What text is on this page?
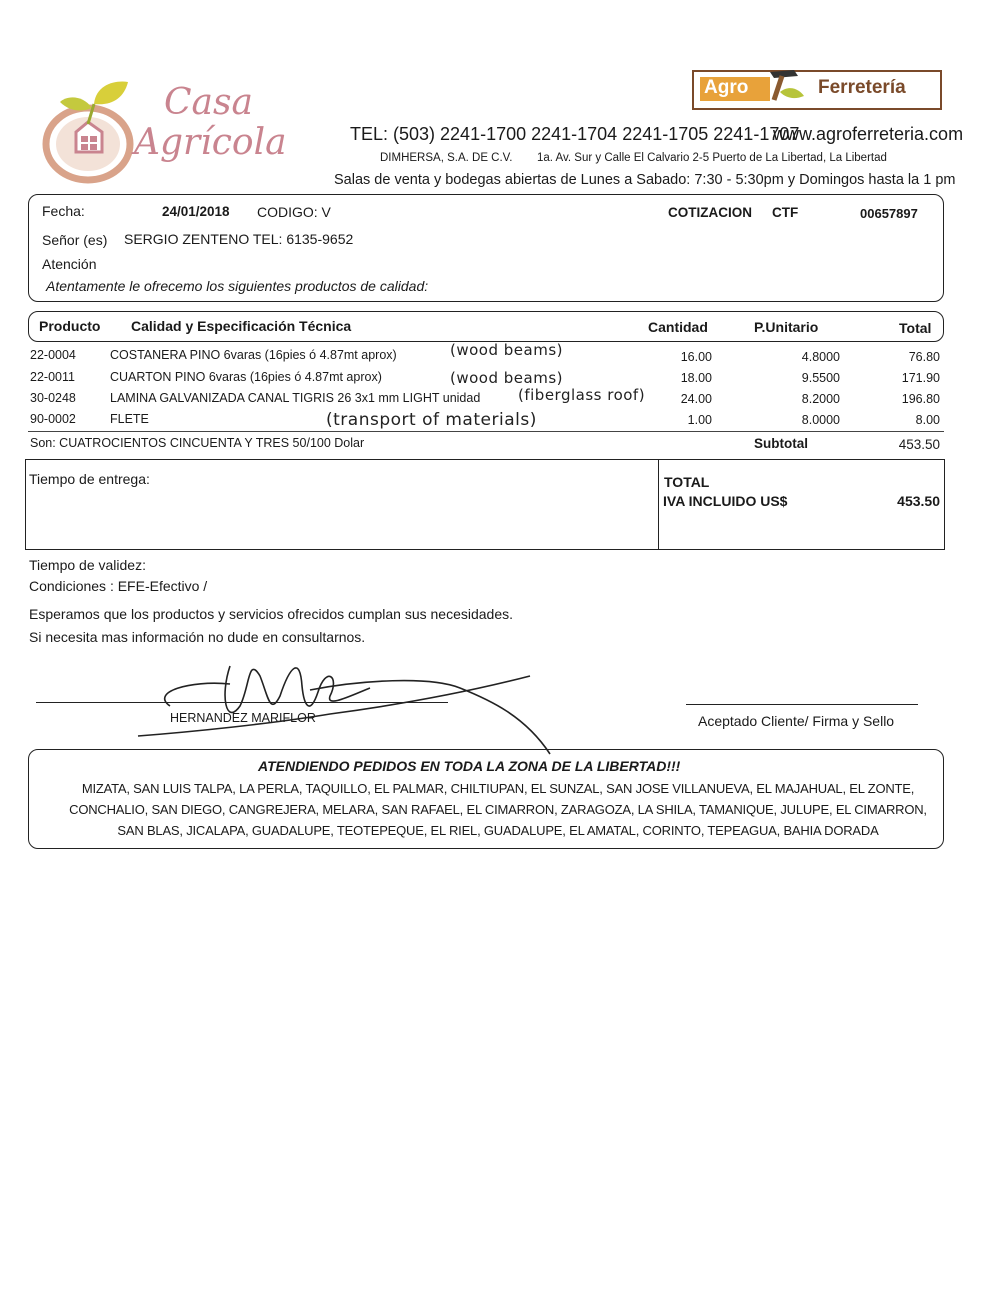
Casa
Agrícola
Agro	Ferretería
TEL: (503) 2241-1700 2241-1704 2241-1705 2241-1707
www.agroferreteria.com
DIMHERSA, S.A. DE C.V. 1a. Av. Sur y Calle El Calvario 2-5 Puerto de La Libertad, La Libertad
Salas de venta y bodegas abiertas de Lunes a Sabado: 7:30 - 5:30pm y Domingos hasta la 1 pm
Fecha:	24/01/2018 CODIGO: V	COTIZACION CTF	00657897
Señor (es) SERGIO ZENTENO TEL: 6135-9652
Atención
Atentamente le ofrecemo los siguientes productos de calidad:
Producto Calidad y Especificación Técnica	Cantidad	P.Unitario	Total
22-0004	COSTANERA PINO 6varas (16pies ó 4.87mt aprox)	(wood beams)	16.00	4.8000	76.80
22-0011	CUARTON PINO 6varas (16pies ó 4.87mt aprox)	(wood beams)	18.00	9.5500	171.90
30-0248	LAMINA GALVANIZADA CANAL TIGRIS 26 3x1 mm LIGHT unidad	(fiberglass roof)	24.00	8.2000	196.80
90-0002	FLETE	(transport of materials)	1.00	8.0000	8.00
Son: CUATROCIENTOS CINCUENTA Y TRES 50/100 Dolar	Subtotal	453.50
Tiempo de entrega:	TOTAL
IVA INCLUIDO US$	453.50
Tiempo de validez:
Condiciones : EFE-Efectivo /
Esperamos que los productos y servicios ofrecidos cumplan sus necesidades.
Si necesita mas información no dude en consultarnos.
HERNANDEZ MARIFLOR	Aceptado Cliente/ Firma y Sello
ATENDIENDO PEDIDOS EN TODA LA ZONA DE LA LIBERTAD!!!
MIZATA, SAN LUIS TALPA, LA PERLA, TAQUILLO, EL PALMAR, CHILTIUPAN, EL SUNZAL, SAN JOSE VILLANUEVA, EL MAJAHUAL, EL ZONTE,
CONCHALIO, SAN DIEGO, CANGREJERA, MELARA, SAN RAFAEL, EL CIMARRON, ZARAGOZA, LA SHILA, TAMANIQUE, JULUPE, EL CIMARRON,
SAN BLAS, JICALAPA, GUADALUPE, TEOTEPEQUE, EL RIEL, GUADALUPE, EL AMATAL, CORINTO, TEPEAGUA, BAHIA DORADA
